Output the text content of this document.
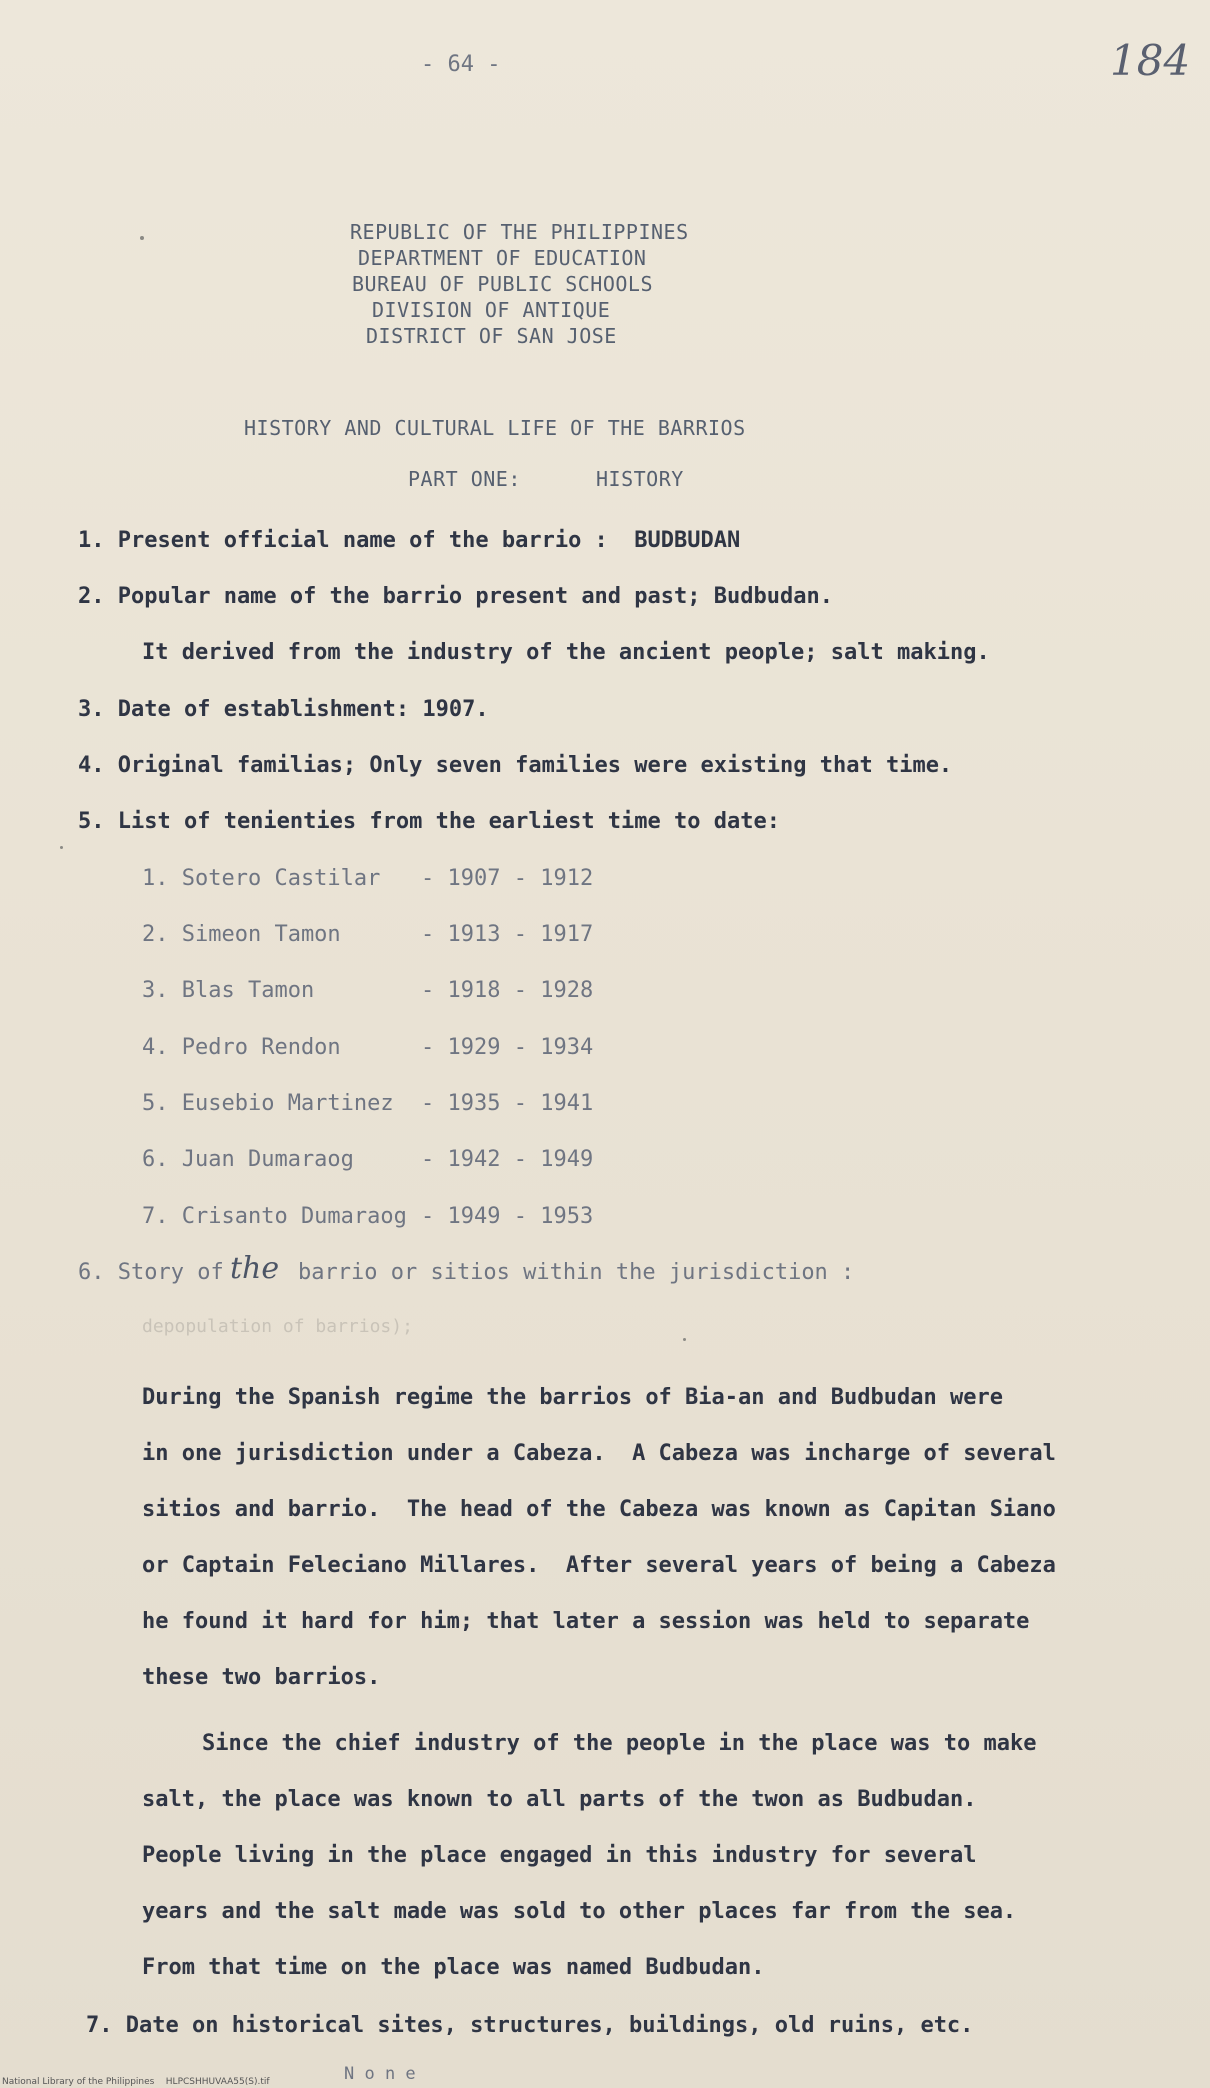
- 64 -	184
REPUBLIC OF THE PHILIPPINES
DEPARTMENT OF EDUCATION
BUREAU OF PUBLIC SCHOOLS
DIVISION OF ANTIQUE
DISTRICT OF SAN JOSE
HISTORY AND CULTURAL LIFE OF THE BARRIOS
PART ONE:	HISTORY
1. Present official name of the barrio :  BUDBUDAN
2. Popular name of the barrio present and past; Budbudan.
It derived from the industry of the ancient people; salt making.
3. Date of establishment: 1907.
4. Original familias; Only seven families were existing that time.
5. List of tenienties from the earliest time to date:
1. Sotero Castilar - 1907 - 1912
2. Simeon Tamon	- 1913 - 1917
3. Blas Tamon	- 1918 - 1928
4. Pedro Rendon	- 1929 - 1934
5. Eusebio Martinez - 1935 - 1941
6. Juan Dumaraog	- 1942 - 1949
7. Crisanto Dumaraog - 1949 - 1953
6. Story of the barrio or sitios within the jurisdiction :
depopulation of barrios);
During the Spanish regime the barrios of Bia-an and Budbudan were
in one jurisdiction under a Cabeza.  A Cabeza was incharge of several
sitios and barrio.  The head of the Cabeza was known as Capitan Siano
or Captain Feleciano Millares.  After several years of being a Cabeza
he found it hard for him; that later a session was held to separate
these two barrios.
Since the chief industry of the people in the place was to make
salt, the place was known to all parts of the twon as Budbudan.
People living in the place engaged in this industry for several
years and the salt made was sold to other places far from the sea.
From that time on the place was named Budbudan.
7. Date on historical sites, structures, buildings, old ruins, etc.
N o n e
National Library of the Philippines    HLPCSHHUVAA55(S).tif
